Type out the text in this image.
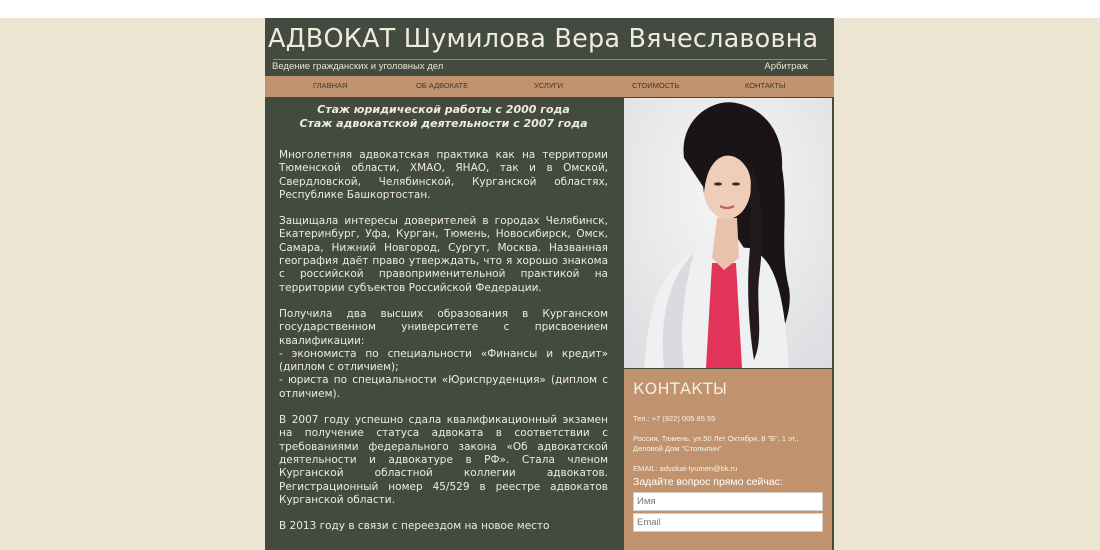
АДВОКАТ Шумилова Вера Вячеславовна
Ведение гражданских и уголовных дел	Арбитраж
ГЛАВНАЯ	ОБ АДВОКАТЕ	УСЛУГИ	СТОИМОСТЬ	КОНТАКТЫ
Стаж юридической работы с 2000 года
Стаж адвокатской деятельности с 2007 года

Многолетняя адвокатская практика как на территории Тюменской области, ХМАО, ЯНАО, так и в Омской, Свердловской, Челябинской, Курганской областях, Республике Башкортостан.

Защищала интересы доверителей в городах Челябинск, Екатеринбург, Уфа, Курган, Тюмень, Новосибирск, Омск, Самара, Нижний Новгород, Сургут, Москва. Названная география даёт право утверждать, что я хорошо знакома с российской правоприменительной практикой на территории субъектов Российской Федерации.

Получила два высших образования в Курганском государственном университете с присвоением квалификации:
- экономиста по специальности «Финансы и кредит» (диплом с отличием);
- юриста по специальности «Юриспруденция» (диплом с отличием).

В 2007 году успешно сдала квалификационный экзамен на получение статуса адвоката в соответствии с требованиями федерального закона «Об адвокатской деятельности и адвокатуре в РФ». Стала членом Курганской областной коллегии адвокатов. Регистрационный номер 45/529 в реестре адвокатов Курганской области.

В 2013 году в связи с переездом на новое место

КОНТАКТЫ
Тел.: +7 (922) 005 85 55
Россия, Тюмень, ул.50 Лет Октября, 8 "Б", 1 эт., Деловой Дом "Столыпин"
EMAIL: advokat-tyumen@bk.ru
Задайте вопрос прямо сейчас:
Имя
Email
